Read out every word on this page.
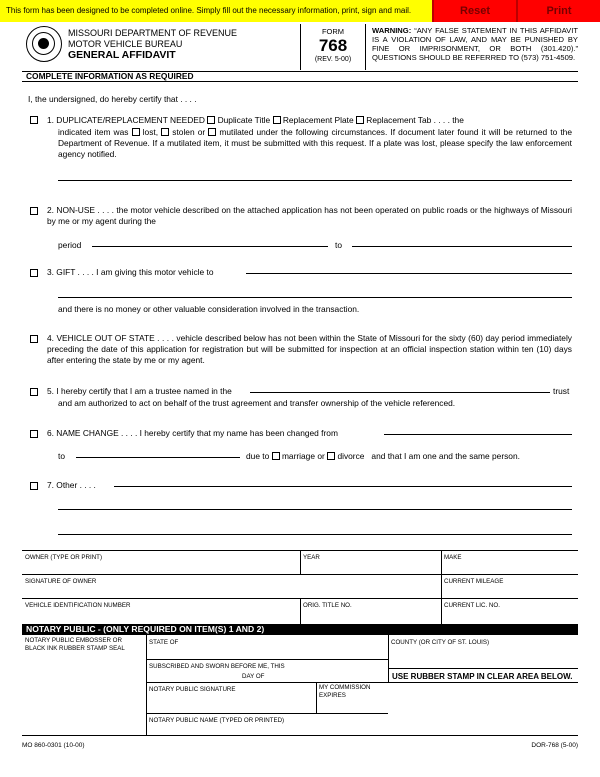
This form has been designed to be completed online. Simply fill out the necessary information, print, sign and mail.	Reset	Print
MISSOURI DEPARTMENT OF REVENUE
MOTOR VEHICLE BUREAU
GENERAL AFFIDAVIT
FORM
768
(REV. 5-00)
WARNING: “ANY FALSE STATEMENT IN THIS AFFIDAVIT IS A VIOLATION OF LAW, AND MAY BE PUNISHED BY FINE OR IMPRISONMENT, OR BOTH (301.420).” QUESTIONS SHOULD BE REFERRED TO (573) 751-4509.
COMPLETE INFORMATION AS REQUIRED
I, the undersigned, do hereby certify that . . . .
1. DUPLICATE/REPLACEMENT NEEDED Duplicate Title Replacement Plate Replacement Tab . . . . the
indicated item was lost, stolen or mutilated under the following circumstances. If document later found it will be returned to the Department of Revenue. If a mutilated item, it must be submitted with this request. If a plate was lost, please specify the law enforcement agency notified.
2. NON-USE . . . . the motor vehicle described on the attached application has not been operated on public roads or the highways of Missouri by me or my agent during the
period	to
3. GIFT . . . . I am giving this motor vehicle to
and there is no money or other valuable consideration involved in the transaction.
4. VEHICLE OUT OF STATE . . . . vehicle described below has not been within the State of Missouri for the sixty (60) day period immediately preceding the date of this application for registration but will be submitted for inspection at an official inspection station within ten (10) days after entering the state by me or my agent.
5. I hereby certify that I am a trustee named in the	trust
and am authorized to act on behalf of the trust agreement and transfer ownership of the vehicle referenced.
6. NAME CHANGE . . . . I hereby certify that my name has been changed from
to	due to marriage or divorce and that I am one and the same person.
7. Other . . . .
OWNER (TYPE OR PRINT)	YEAR	MAKE
SIGNATURE OF OWNER	CURRENT MILEAGE
VEHICLE IDENTIFICATION NUMBER	ORIG. TITLE NO.	CURRENT LIC. NO.
NOTARY PUBLIC - (ONLY REQUIRED ON ITEM(S) 1 AND 2)
NOTARY PUBLIC EMBOSSER OR BLACK INK RUBBER STAMP SEAL
STATE OF	COUNTY (OR CITY OF ST. LOUIS)
SUBSCRIBED AND SWORN BEFORE ME, THIS
DAY OF	USE RUBBER STAMP IN CLEAR AREA BELOW.
NOTARY PUBLIC SIGNATURE	MY COMMISSION EXPIRES
NOTARY PUBLIC NAME (TYPED OR PRINTED)
MO 860-0301 (10-00)	DOR-768 (5-00)
